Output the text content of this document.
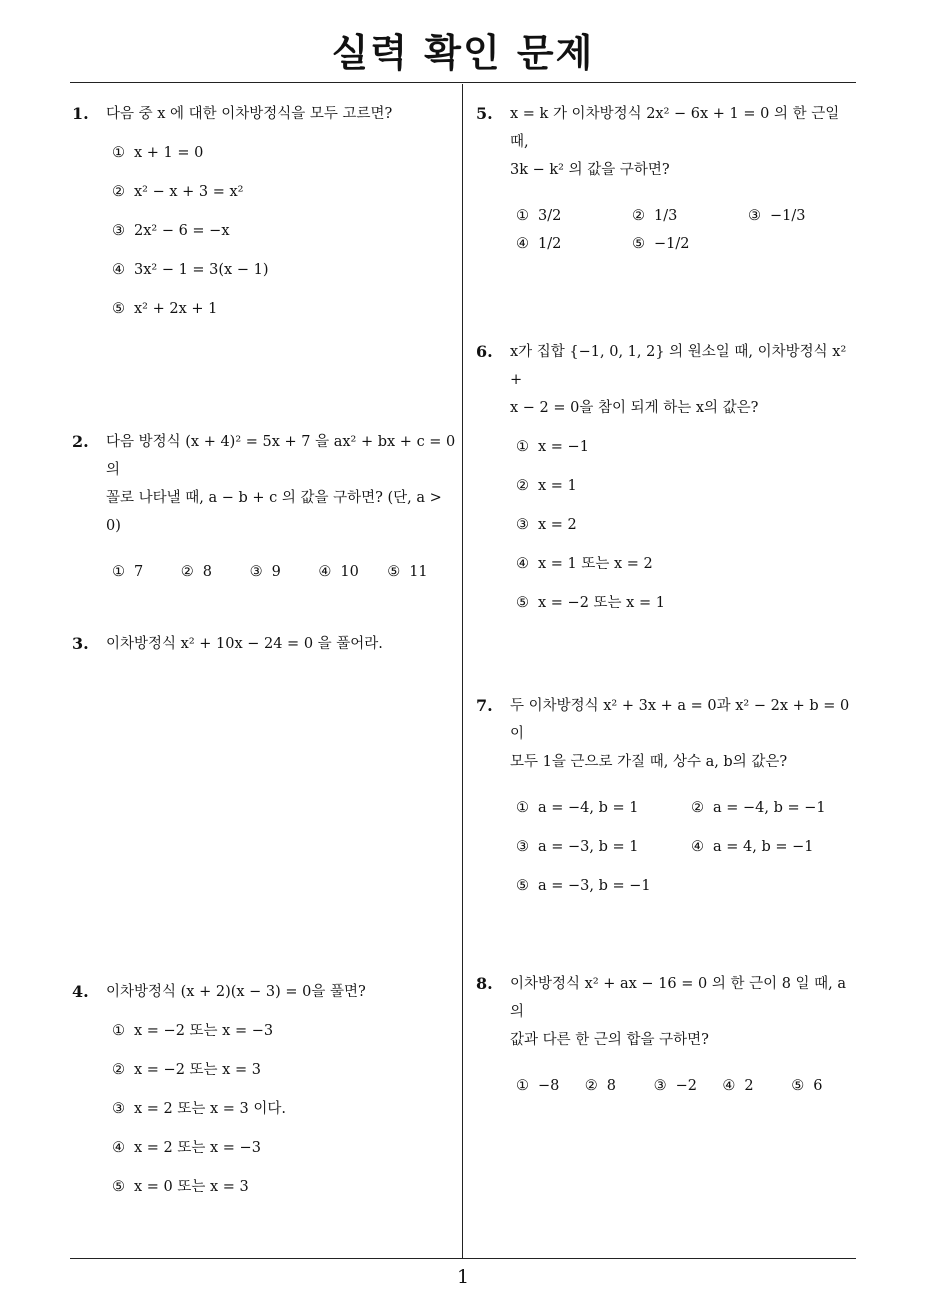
실력 확인 문제
1
1. 다음 중 x 에 대한 이차방정식을 모두 고르면?
① x + 1 = 0
② x² − x + 3 = x²
③ 2x² − 6 = −x
④ 3x² − 1 = 3(x − 1)
⑤ x² + 2x + 1
2. 다음 방정식 (x + 4)² = 5x + 7 을 ax² + bx + c = 0 의
꼴로 나타낼 때, a − b + c 의 값을 구하면? (단, a > 0)
① 7	② 8	③ 9	④ 10	⑤ 11
3. 이차방정식 x² + 10x − 24 = 0 을 풀어라.
4. 이차방정식 (x + 2)(x − 3) = 0을 풀면?
① x = −2 또는 x = −3
② x = −2 또는 x = 3
③ x = 2 또는 x = 3 이다.
④ x = 2 또는 x = −3
⑤ x = 0 또는 x = 3
5. x = k 가 이차방정식 2x² − 6x + 1 = 0 의 한 근일 때,
3k − k² 의 값을 구하면?
① 3/2	② 1/3	③ −1/3
④ 1/2	⑤ −1/2
6. x가 집합 {−1, 0, 1, 2} 의 원소일 때, 이차방정식 x² +
x − 2 = 0을 참이 되게 하는 x의 값은?
① x = −1
② x = 1
③ x = 2
④ x = 1 또는 x = 2
⑤ x = −2 또는 x = 1
7. 두 이차방정식 x² + 3x + a = 0과 x² − 2x + b = 0이
모두 1을 근으로 가질 때, 상수 a, b의 값은?
① a = −4, b = 1	② a = −4, b = −1
③ a = −3, b = 1	④ a = 4, b = −1
⑤ a = −3, b = −1
8. 이차방정식 x² + ax − 16 = 0 의 한 근이 8 일 때, a 의
값과 다른 한 근의 합을 구하면?
① −8	② 8	③ −2	④ 2	⑤ 6
